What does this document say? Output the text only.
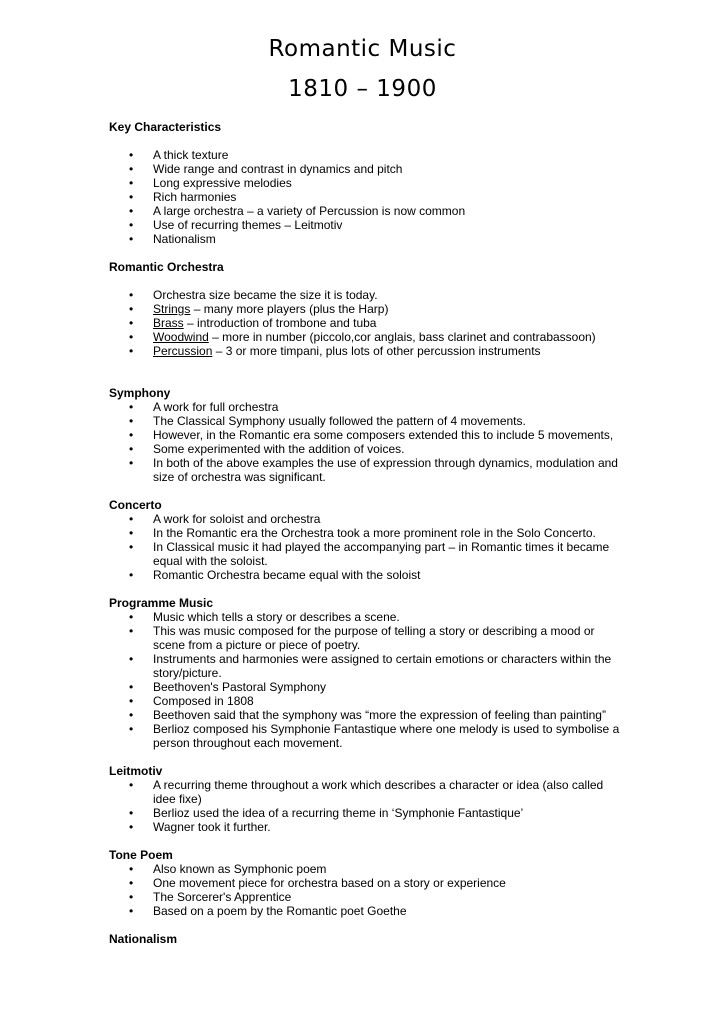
Romantic Music
1810 – 1900

Key Characteristics

• A thick texture
• Wide range and contrast in dynamics and pitch
• Long expressive melodies
• Rich harmonies
• A large orchestra – a variety of Percussion is now common
• Use of recurring themes – Leitmotiv
• Nationalism

Romantic Orchestra

• Orchestra size became the size it is today.
• Strings – many more players (plus the Harp)
• Brass – introduction of trombone and tuba
• Woodwind – more in number (piccolo,cor anglais, bass clarinet and contrabassoon)
• Percussion – 3 or more timpani, plus lots of other percussion instruments

Symphony

• A work for full orchestra
• The Classical Symphony usually followed the pattern of 4 movements.
• However, in the Romantic era some composers extended this to include 5 movements,
• Some experimented with the addition of voices.
• In both of the above examples the use of expression through dynamics, modulation and size of orchestra was significant.

Concerto

• A work for soloist and orchestra
• In the Romantic era the Orchestra took a more prominent role in the Solo Concerto.
• In Classical music it had played the accompanying part – in Romantic times it became equal with the soloist.
• Romantic Orchestra became equal with the soloist

Programme Music

• Music which tells a story or describes a scene.
• This was music composed for the purpose of telling a story or describing a mood or scene from a picture or piece of poetry.
• Instruments and harmonies were assigned to certain emotions or characters within the story/picture.
• Beethoven's Pastoral Symphony
• Composed in 1808
• Beethoven said that the symphony was “more the expression of feeling than painting”
• Berlioz composed his Symphonie Fantastique where one melody is used to symbolise a person throughout each movement.

Leitmotiv

• A recurring theme throughout a work which describes a character or idea (also called idee fixe)
• Berlioz used the idea of a recurring theme in ‘Symphonie Fantastique’
• Wagner took it further.

Tone Poem

• Also known as Symphonic poem
• One movement piece for orchestra based on a story or experience
• The Sorcerer's Apprentice
• Based on a poem by the Romantic poet Goethe

Nationalism
